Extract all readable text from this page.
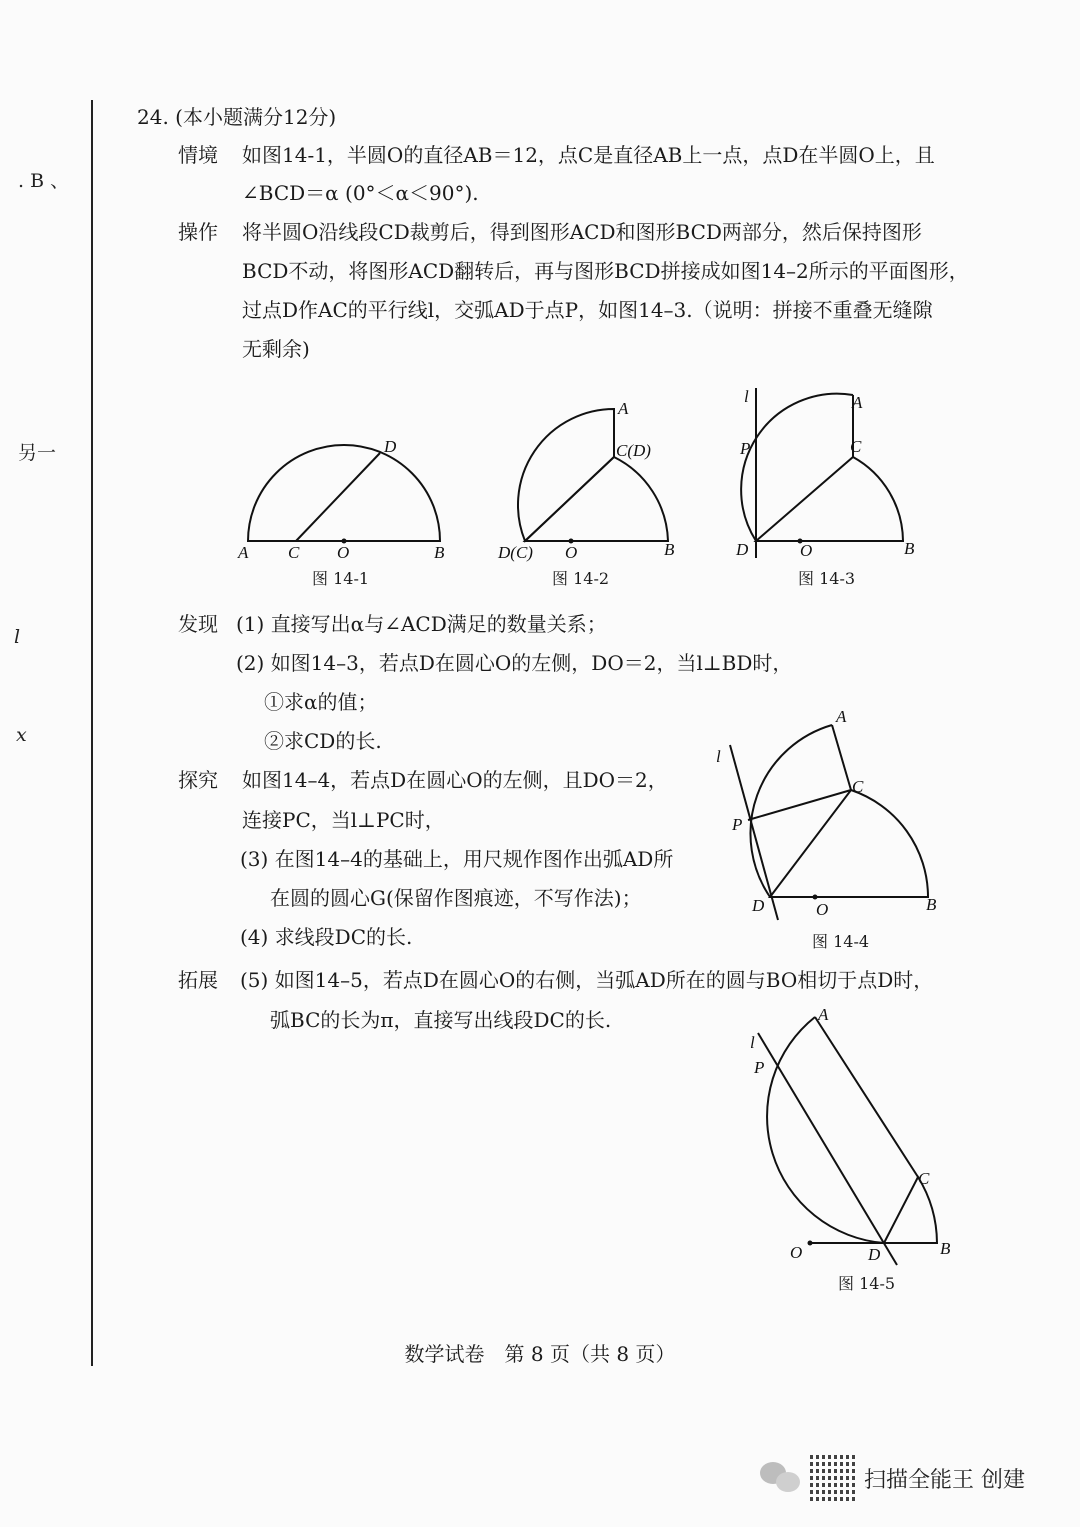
. B 、
另一
l
x
24. (本小题满分12分)
情境 如图14-1，半圆O的直径AB＝12，点C是直径AB上一点，点D在半圆O上，且
∠BCD＝α (0°＜α＜90°).
操作 将半圆O沿线段CD裁剪后，得到图形ACD和图形BCD两部分，然后保持图形
BCD不动，将图形ACD翻转后，再与图形BCD拼接成如图14–2所示的平面图形，
过点D作AC的平行线l，交弧AD于点P，如图14–3.（说明：拼接不重叠无缝隙
无剩余)
发现 (1) 直接写出α与∠ACD满足的数量关系；
(2) 如图14–3，若点D在圆心O的左侧，DO＝2，当l⊥BD时，
①求α的值；
②求CD的长.
探究 如图14–4，若点D在圆心O的左侧，且DO＝2，
连接PC，当l⊥PC时，
(3) 在图14–4的基础上，用尺规作图作出弧AD所
在圆的圆心G(保留作图痕迹，不写作法)；
(4) 求线段DC的长.
拓展 (5) 如图14–5，若点D在圆心O的右侧，当弧AD所在的圆与BO相切于点D时，
弧BC的长为π，直接写出线段DC的长.
图 14-1	图 14-2	图 14-3
图 14-4
图 14-5
A C O	B
D
A
C(D)
D(C) O	B
l	A
P	C
D	O	B
A
l
C
P
D	O	B
A
l
P
C
O	D	B
数学试卷　第 8 页（共 8 页）
扫描全能王 创建
